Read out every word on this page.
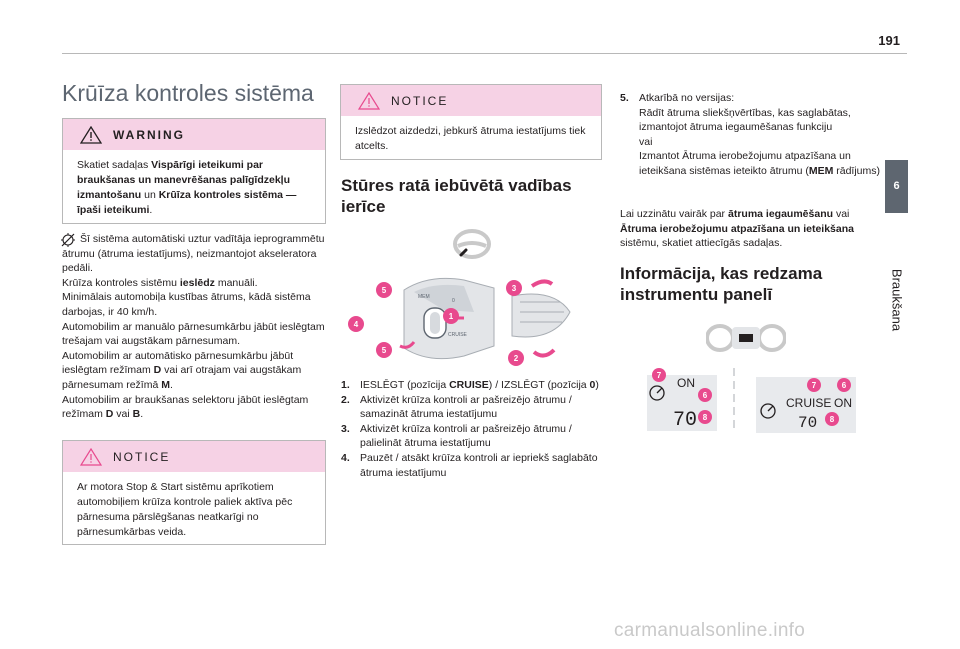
191
6
Braukšana
Krūīza kontroles sistēma
WARNING
Skatiet sadaļas Vispārīgi ieteikumi par braukšanas un manevrēšanas palīgīdzekļu izmantošanu un Krūīza kontroles sistēma — īpaši ieteikumi.
Šī sistēma automātiski uztur vadītāja ieprogrammētu ātrumu (ātruma iestatījums), neizmantojot akseleratora pedāli.
Krūīza kontroles sistēmu ieslēdz manuāli.
Minimālais automobiļa kustības ātrums, kādā sistēma darbojas, ir 40 km/h.
Automobilim ar manuālo pārnesumkārbu jābūt ieslēgtam trešajam vai augstākam pārnesumam.
Automobilim ar automātisko pārnesumkārbu jābūt ieslēgtam režīmam D vai arī otrajam vai augstākam pārnesumam režīmā M.
Automobilim ar braukšanas selektoru jābūt ieslēgtam režīmam D vai B.
NOTICE
Ar motora Stop & Start sistēmu aprīkotiem automobiļiem krūīza kontrole paliek aktīva pēc pārnesuma pārslēgšanas neatkarīgi no pārnesumkārbas veida.
NOTICE
Izslēdzot aizdedzi, jebkurš ātruma iestatījums tiek atcelts.
Stūres ratā iebūvētā vadības ierīce
MEM
0
CRUISE
1
2
3
4
5
5
1. IESLĒGT (pozīcija CRUISE) / IZSLĒGT (pozīcija 0)
2. Aktivizēt krūīza kontroli ar pašreizējo ātrumu / samazināt ātruma iestatījumu
3. Aktivizēt krūīza kontroli ar pašreizējo ātrumu / palielināt ātruma iestatījumu
4. Pauzēt / atsākt krūīza kontroli ar iepriekš saglabāto ātruma iestatījumu
5. Atkarībā no versijas:
Rādīt ātruma sliekšņvērtības, kas saglabātas, izmantojot ātruma iegaumēšanas funkciju
vai
Izmantot Ātruma ierobežojumu atpazīšana un ieteikšana sistēmas ieteikto ātrumu (MEM rādījums)
Lai uzzinātu vairāk par ātruma iegaumēšanu vai Ātruma ierobežojumu atpazīšana un ieteikšana sistēmu, skatiet attiecīgās sadaļas.
Informācija, kas redzama instrumentu panelī
ON
70
7
6
8
CRUISE ON
70
7	6
8
carmanualsonline.info
